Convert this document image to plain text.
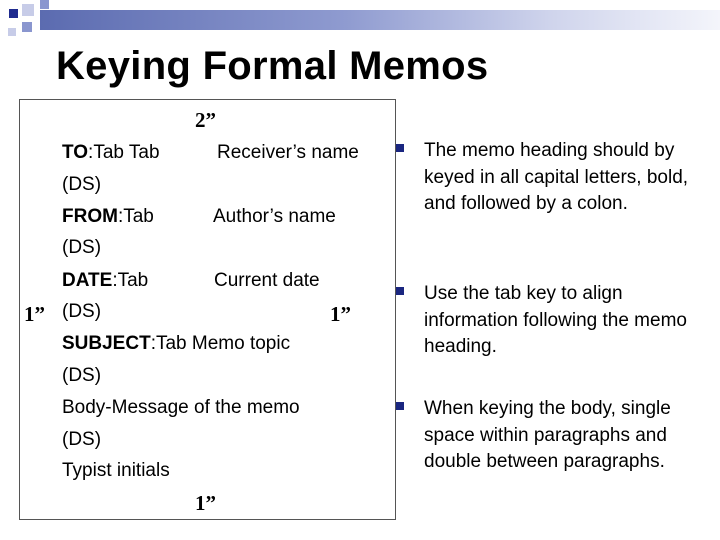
Keying Formal Memos
2”
1”	1”
1”
TO:Tab Tab	Receiver’s name
(DS)
FROM:Tab	Author’s name
(DS)
DATE:Tab	Current date
(DS)
SUBJECT:Tab Memo topic
(DS)
Body-Message of the memo
(DS)
Typist initials
The memo heading should by keyed in all capital letters, bold, and followed by a colon.
Use the tab key to align information following the memo heading.
When keying the body, single space within paragraphs and double between paragraphs.
